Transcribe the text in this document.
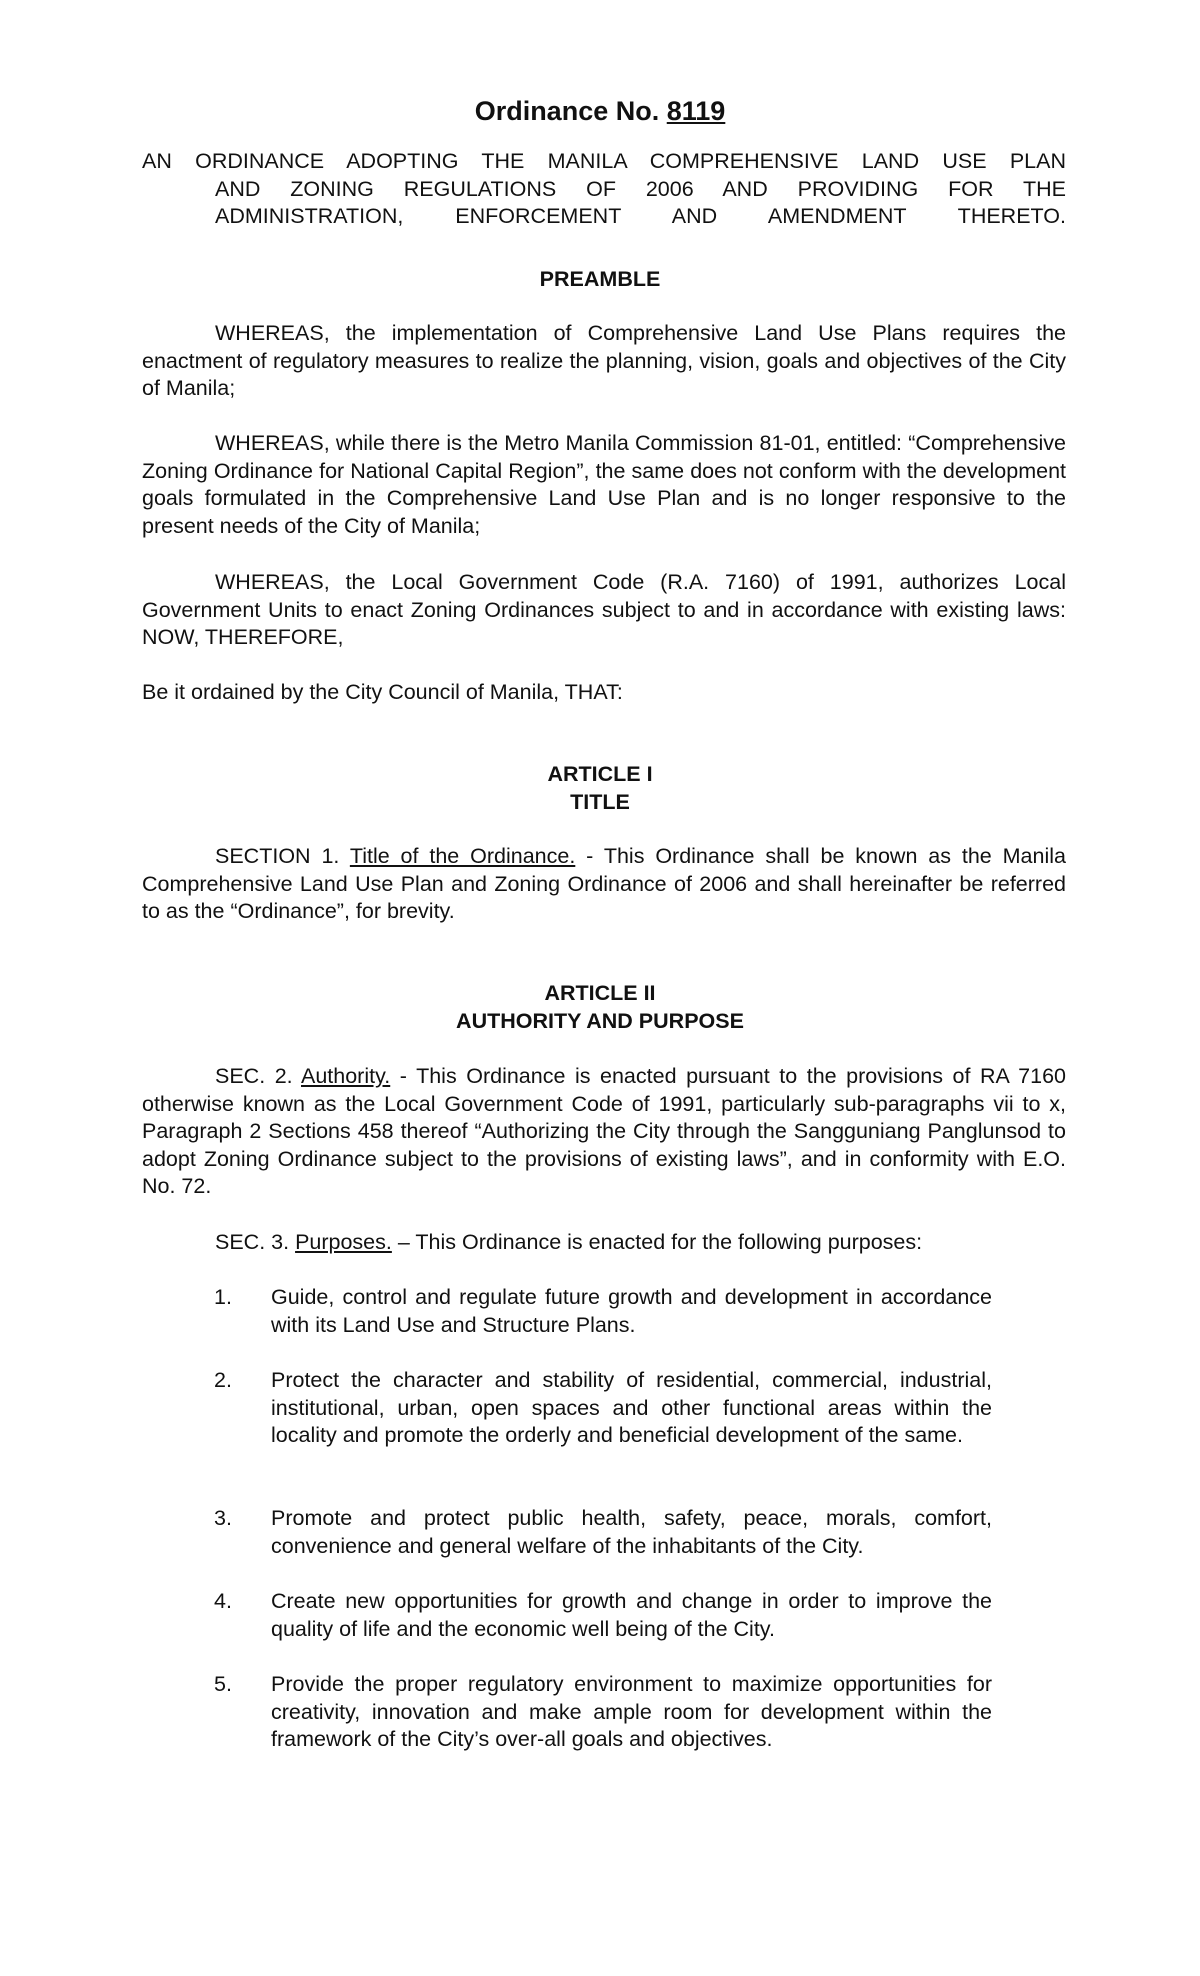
Ordinance No. 8119
AN ORDINANCE ADOPTING THE MANILA COMPREHENSIVE LAND USE PLAN
AND ZONING REGULATIONS OF 2006 AND PROVIDING FOR THE ADMINISTRATION, ENFORCEMENT AND AMENDMENT THERETO.
PREAMBLE

WHEREAS, the implementation of Comprehensive Land Use Plans requires the enactment of regulatory measures to realize the planning, vision, goals and objectives of the City of Manila;

WHEREAS, while there is the Metro Manila Commission 81-01, entitled: “Comprehensive Zoning Ordinance for National Capital Region”, the same does not conform with the development goals formulated in the Comprehensive Land Use Plan and is no longer responsive to the present needs of the City of Manila;

WHEREAS, the Local Government Code (R.A. 7160) of 1991, authorizes Local Government Units to enact Zoning Ordinances subject to and in accordance with existing laws: NOW, THEREFORE,

Be it ordained by the City Council of Manila, THAT:

ARTICLE I
TITLE

SECTION 1. Title of the Ordinance. - This Ordinance shall be known as the Manila Comprehensive Land Use Plan and Zoning Ordinance of 2006 and shall hereinafter be referred to as the “Ordinance”, for brevity.

ARTICLE II
AUTHORITY AND PURPOSE

SEC. 2. Authority. - This Ordinance is enacted pursuant to the provisions of RA 7160 otherwise known as the Local Government Code of 1991, particularly sub-paragraphs vii to x, Paragraph 2 Sections 458 thereof “Authorizing the City through the Sangguniang Panglunsod to adopt Zoning Ordinance subject to the provisions of existing laws”, and in conformity with E.O. No. 72.

SEC. 3. Purposes. – This Ordinance is enacted for the following purposes:

1. Guide, control and regulate future growth and development in accordance with its Land Use and Structure Plans.
2. Protect the character and stability of residential, commercial, industrial, institutional, urban, open spaces and other functional areas within the locality and promote the orderly and beneficial development of the same.
3. Promote and protect public health, safety, peace, morals, comfort, convenience and general welfare of the inhabitants of the City.
4. Create new opportunities for growth and change in order to improve the quality of life and the economic well being of the City.
5. Provide the proper regulatory environment to maximize opportunities for creativity, innovation and make ample room for development within the framework of the City’s over-all goals and objectives.
